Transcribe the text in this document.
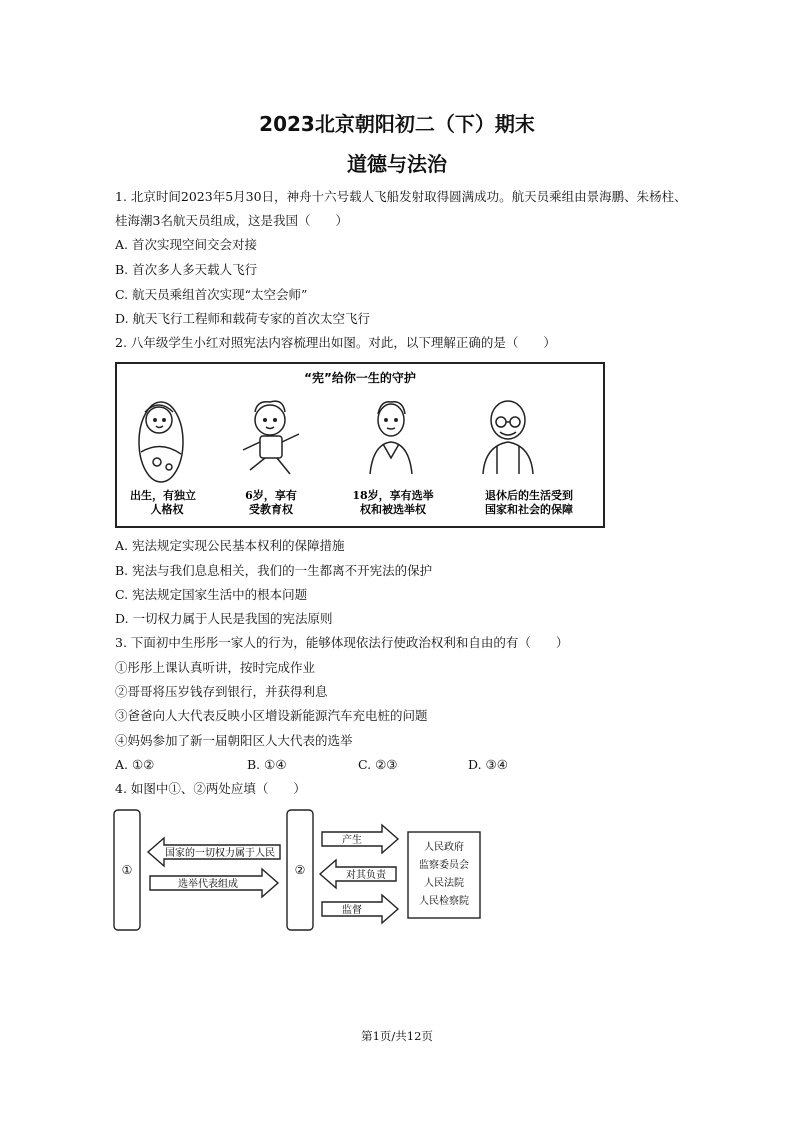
2023北京朝阳初二（下）期末
道德与法治
1. 北京时间2023年5月30日，神舟十六号载人飞船发射取得圆满成功。航天员乘组由景海鹏、朱杨柱、
桂海潮3名航天员组成，这是我国（　　）
A. 首次实现空间交会对接
B. 首次多人多天载人飞行
C. 航天员乘组首次实现“太空会师”
D. 航天飞行工程师和载荷专家的首次太空飞行
2. 八年级学生小红对照宪法内容梳理出如图。对此，以下理解正确的是（　　）
“宪”给你一生的守护
出生，有独立
人格权
6岁，享有
受教育权
18岁，享有选举
权和被选举权
退休后的生活受到
国家和社会的保障
A. 宪法规定实现公民基本权利的保障措施
B. 宪法与我们息息相关，我们的一生都离不开宪法的保护
C. 宪法规定国家生活中的根本问题
D. 一切权力属于人民是我国的宪法原则
3. 下面初中生彤彤一家人的行为，能够体现依法行使政治权利和自由的有（　　）
①彤彤上课认真听讲，按时完成作业
②哥哥将压岁钱存到银行，并获得利息
③爸爸向人大代表反映小区增设新能源汽车充电桩的问题
④妈妈参加了新一届朝阳区人大代表的选举
A. ①②	B. ①④	C. ②③	D. ③④
4. 如图中①、②两处应填（　　）
①	②
国家的一切权力属于人民
选举代表组成
产生
对其负责
监督
人民政府
监察委员会
人民法院
人民检察院
第1页/共12页
